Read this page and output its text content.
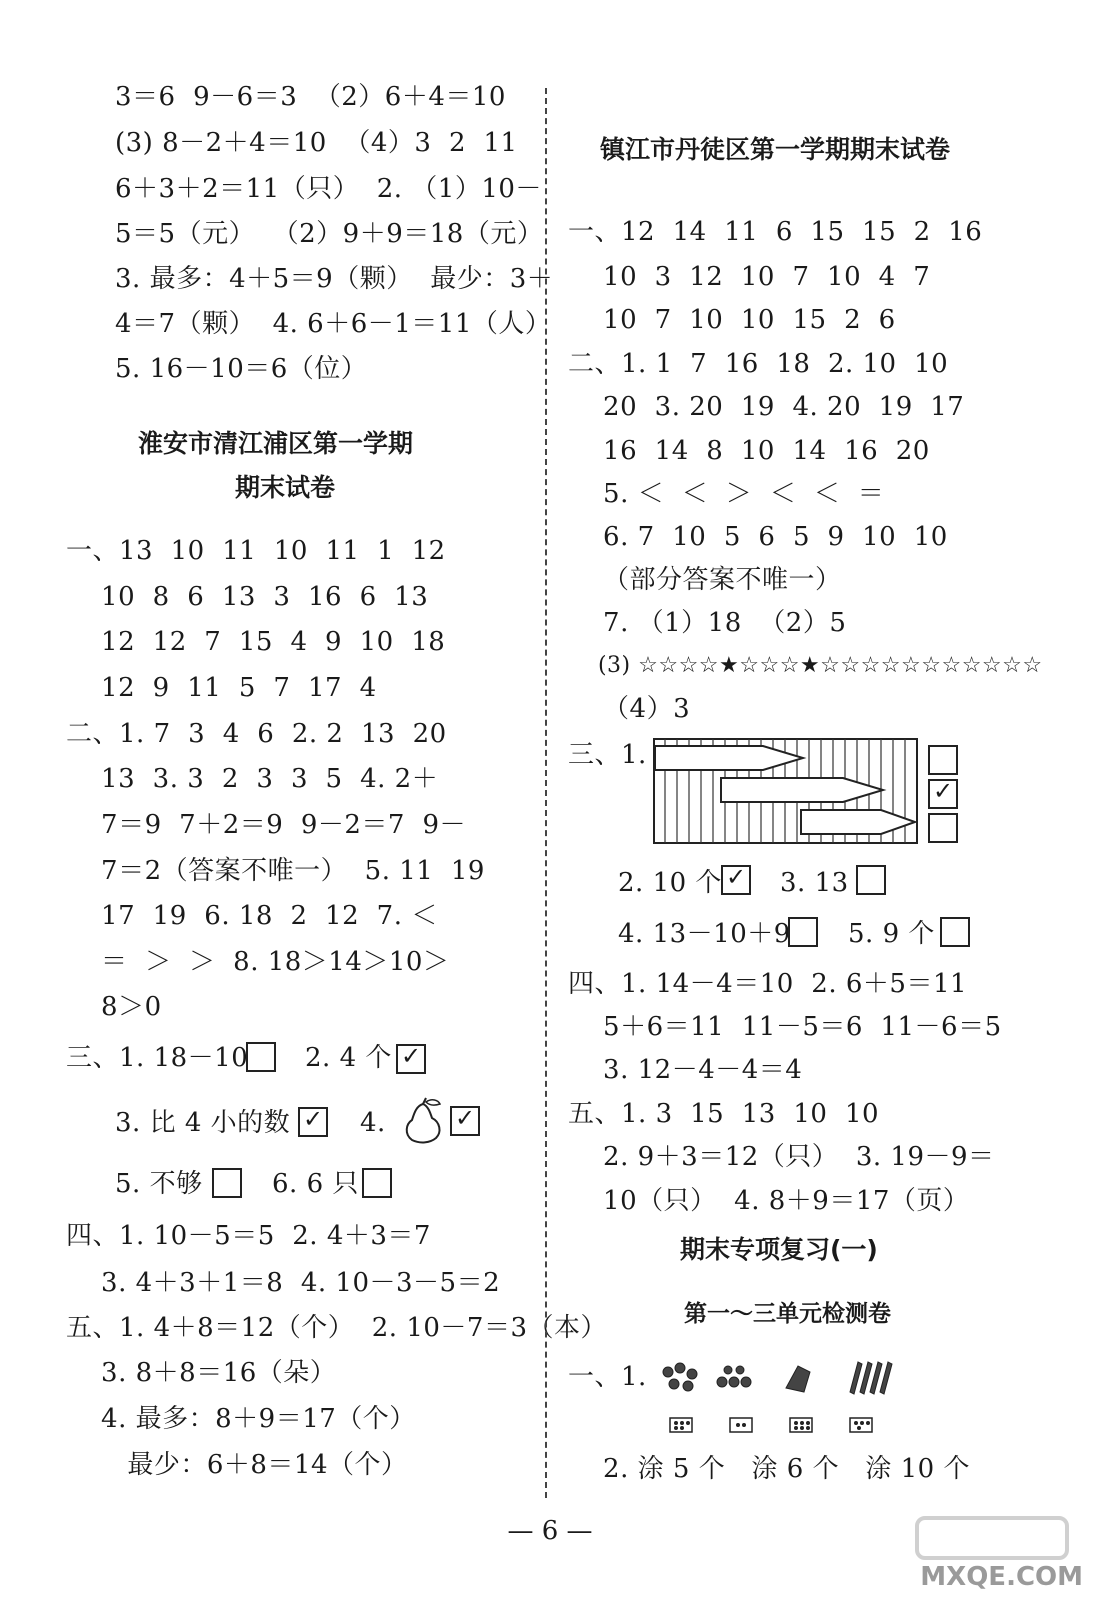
3＝6  9－6＝3  （2）6＋4＝10
(3) 8－2＋4＝10  （4）3  2  11
6＋3＋2＝11（只）  2. （1）10－
5＝5（元）  （2）9＋9＝18（元）
3. 最多：4＋5＝9（颗）  最少：3＋
4＝7（颗）  4. 6＋6－1＝11（人）
5. 16－10＝6（位）
淮安市清江浦区第一学期
期末试卷
一、13  10  11  10  11  1  12
10  8  6  13  3  16  6  13
12  12  7  15  4  9  10  18
12  9  11  5  7  17  4
二、1. 7  3  4  6  2. 2  13  20
13  3. 3  2  3  3  5  4. 2＋
7＝9  7＋2＝9  9－2＝7  9－
7＝2（答案不唯一）  5. 11  19
17  19  6. 18  2  12  7. ＜
＝  ＞  ＞  8. 18＞14＞10＞
8＞0
三、1. 18－10 2. 4 个
✓
3. 比 4 小的数 ✓	4.
✓
5. 不够	6. 6 只
四、1. 10－5＝5  2. 4＋3＝7
3. 4＋3＋1＝8  4. 10－3－5＝2
五、1. 4＋8＝12（个）  2. 10－7＝3（本）
3. 8＋8＝16（朵）
4. 最多：8＋9＝17（个）
最少：6＋8＝14（个）
镇江市丹徒区第一学期期末试卷
一、12  14  11  6  15  15  2  16
10  3  12  10  7  10  4  7
10  7  10  10  15  2  6
二、1. 1  7  16  18  2. 10  10
20  3. 20  19  4. 20  19  17
16  14  8  10  14  16  20
5. ＜  ＜  ＞  ＜  ＜  ＝
6. 7  10  5  6  5  9  10  10
（部分答案不唯一）
7. （1）18  （2）5
(3) ☆☆☆☆★☆☆☆★☆☆☆☆☆☆☆☆☆☆☆
（4）3
三、1.
✓
2. 10 个 ✓ 3. 13
4. 13－10＋9 5. 9 个
四、1. 14－4＝10  2. 6＋5＝11
5＋6＝11  11－5＝6  11－6＝5
3. 12－4－4＝4
五、1. 3  15  13  10  10
2. 9＋3＝12（只）  3. 19－9＝
10（只）  4. 8＋9＝17（页）
期末专项复习(一)
第一～三单元检测卷
一、1.
2. 涂 5 个   涂 6 个   涂 10 个
— 6 —
MXQE.COM
